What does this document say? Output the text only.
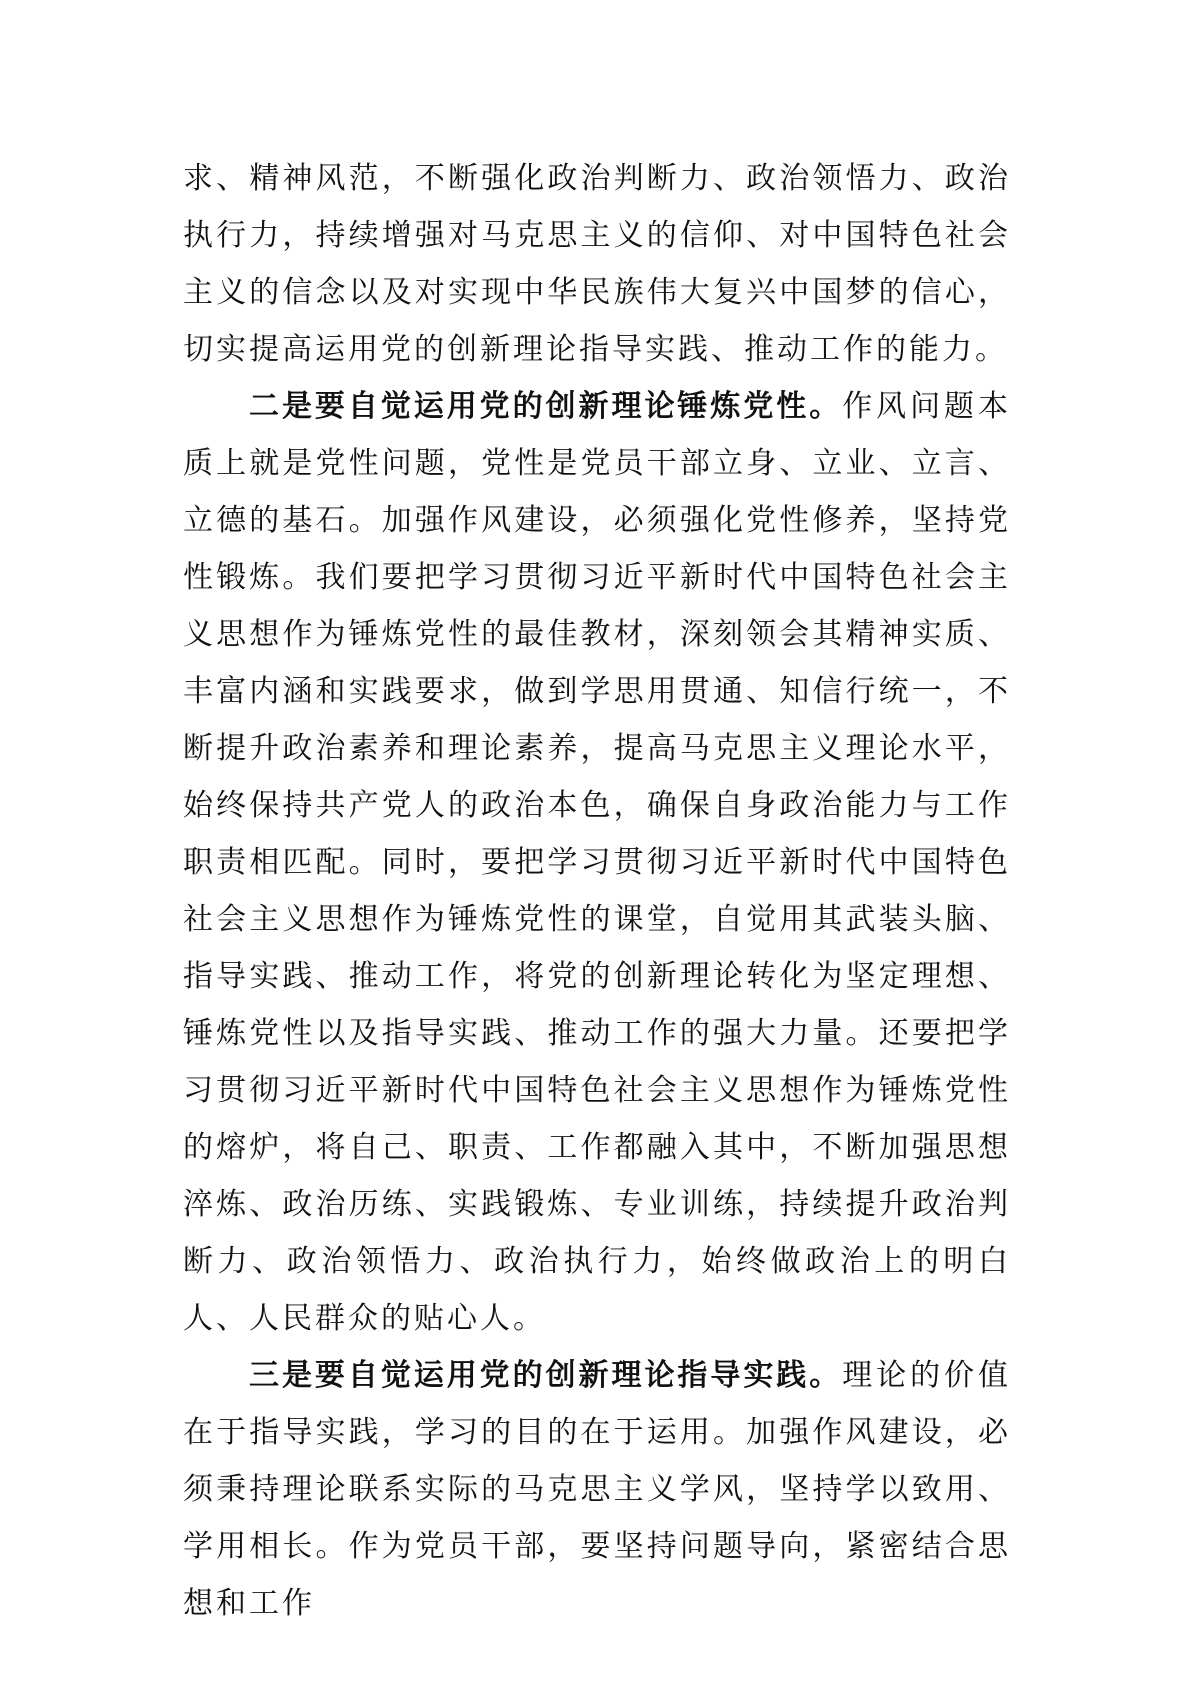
求、精神风范，不断强化政治判断力、政治领悟力、政治执行力，持续增强对马克思主义的信仰、对中国特色社会主义的信念以及对实现中华民族伟大复兴中国梦的信心，切实提高运用党的创新理论指导实践、推动工作的能力。

二是要自觉运用党的创新理论锤炼党性。作风问题本质上就是党性问题，党性是党员干部立身、立业、立言、立德的基石。加强作风建设，必须强化党性修养，坚持党性锻炼。我们要把学习贯彻习近平新时代中国特色社会主义思想作为锤炼党性的最佳教材，深刻领会其精神实质、丰富内涵和实践要求，做到学思用贯通、知信行统一，不断提升政治素养和理论素养，提高马克思主义理论水平，始终保持共产党人的政治本色，确保自身政治能力与工作职责相匹配。同时，要把学习贯彻习近平新时代中国特色社会主义思想作为锤炼党性的课堂，自觉用其武装头脑、指导实践、推动工作，将党的创新理论转化为坚定理想、锤炼党性以及指导实践、推动工作的强大力量。还要把学习贯彻习近平新时代中国特色社会主义思想作为锤炼党性的熔炉，将自己、职责、工作都融入其中，不断加强思想淬炼、政治历练、实践锻炼、专业训练，持续提升政治判断力、政治领悟力、政治执行力，始终做政治上的明白人、人民群众的贴心人。

三是要自觉运用党的创新理论指导实践。理论的价值在于指导实践，学习的目的在于运用。加强作风建设，必须秉持理论联系实际的马克思主义学风，坚持学以致用、学用相长。作为党员干部，要坚持问题导向，紧密结合思想和工作
